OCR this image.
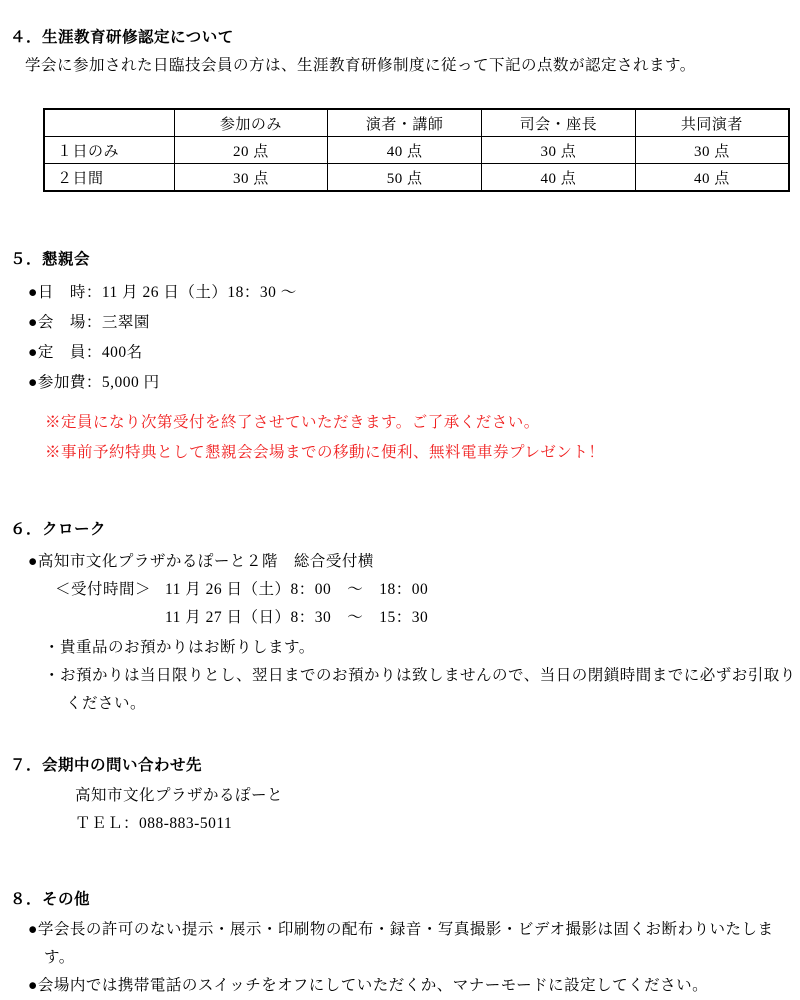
４．生涯教育研修認定について
学会に参加された日臨技会員の方は、生涯教育研修制度に従って下記の点数が認定されます。
	参加のみ	演者・講師	司会・座長	共同演者
１日のみ	20 点	40 点	30 点	30 点
２日間	30 点	50 点	40 点	40 点
５．懇親会
●日　時：11 月 26 日（土）18：30 ～
●会　場：三翠園
●定　員：400名
●参加費：5,000 円
※定員になり次第受付を終了させていただきます。ご了承ください。
※事前予約特典として懇親会会場までの移動に便利、無料電車券プレゼント！
６．クローク
●高知市文化プラザかるぽーと２階　総合受付横
＜受付時間＞ 11 月 26 日（土）8：00　～　18：00
11 月 27 日（日）8：30　～　15：30
・貴重品のお預かりはお断りします。
・お預かりは当日限りとし、翌日までのお預かりは致しませんので、当日の閉鎖時間までに必ずお引取りください。
７．会期中の問い合わせ先
高知市文化プラザかるぽーと
ＴＥＬ：088-883-5011
８．その他
●学会長の許可のない提示・展示・印刷物の配布・録音・写真撮影・ビデオ撮影は固くお断わりいたします。
●会場内では携帯電話のスイッチをオフにしていただくか、マナーモードに設定してください。
